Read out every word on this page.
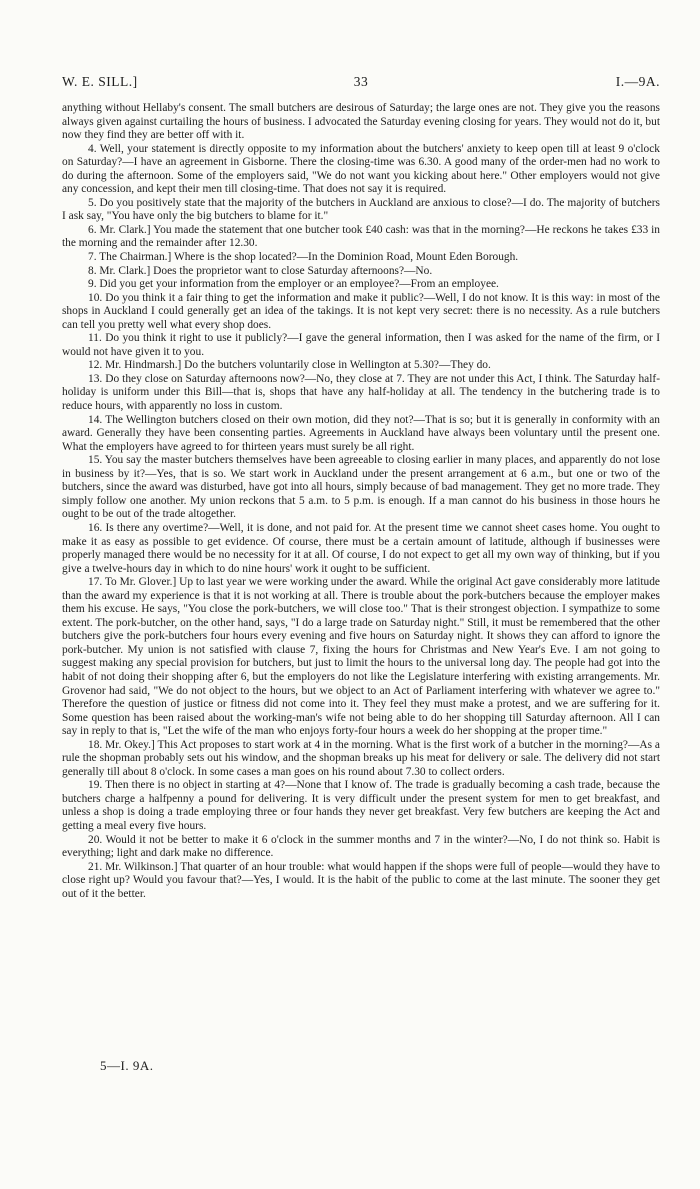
W. E. SILL.]	33	I.—9A.

anything without Hellaby's consent. The small butchers are desirous of Saturday; the large ones are not. They give you the reasons always given against curtailing the hours of business. I advocated the Saturday evening closing for years. They would not do it, but now they find they are better off with it.

4. Well, your statement is directly opposite to my information about the butchers' anxiety to keep open till at least 9 o'clock on Saturday?—I have an agreement in Gisborne. There the closing-time was 6.30. A good many of the order-men had no work to do during the afternoon. Some of the employers said, "We do not want you kicking about here." Other employers would not give any concession, and kept their men till closing-time. That does not say it is required.

5. Do you positively state that the majority of the butchers in Auckland are anxious to close?—I do. The majority of butchers I ask say, "You have only the big butchers to blame for it."

6. Mr. Clark.] You made the statement that one butcher took £40 cash: was that in the morning?—He reckons he takes £33 in the morning and the remainder after 12.30.

7. The Chairman.] Where is the shop located?—In the Dominion Road, Mount Eden Borough.

8. Mr. Clark.] Does the proprietor want to close Saturday afternoons?—No.

9. Did you get your information from the employer or an employee?—From an employee.

10. Do you think it a fair thing to get the information and make it public?—Well, I do not know. It is this way: in most of the shops in Auckland I could generally get an idea of the takings. It is not kept very secret: there is no necessity. As a rule butchers can tell you pretty well what every shop does.

11. Do you think it right to use it publicly?—I gave the general information, then I was asked for the name of the firm, or I would not have given it to you.

12. Mr. Hindmarsh.] Do the butchers voluntarily close in Wellington at 5.30?—They do.

13. Do they close on Saturday afternoons now?—No, they close at 7. They are not under this Act, I think. The Saturday half-holiday is uniform under this Bill—that is, shops that have any half-holiday at all. The tendency in the butchering trade is to reduce hours, with apparently no loss in custom.

14. The Wellington butchers closed on their own motion, did they not?—That is so; but it is generally in conformity with an award. Generally they have been consenting parties. Agreements in Auckland have always been voluntary until the present one. What the employers have agreed to for thirteen years must surely be all right.

15. You say the master butchers themselves have been agreeable to closing earlier in many places, and apparently do not lose in business by it?—Yes, that is so. We start work in Auckland under the present arrangement at 6 a.m., but one or two of the butchers, since the award was disturbed, have got into all hours, simply because of bad management. They get no more trade. They simply follow one another. My union reckons that 5 a.m. to 5 p.m. is enough. If a man cannot do his business in those hours he ought to be out of the trade altogether.

16. Is there any overtime?—Well, it is done, and not paid for. At the present time we cannot sheet cases home. You ought to make it as easy as possible to get evidence. Of course, there must be a certain amount of latitude, although if businesses were properly managed there would be no necessity for it at all. Of course, I do not expect to get all my own way of thinking, but if you give a twelve-hours day in which to do nine hours' work it ought to be sufficient.

17. To Mr. Glover.] Up to last year we were working under the award. While the original Act gave considerably more latitude than the award my experience is that it is not working at all. There is trouble about the pork-butchers because the employer makes them his excuse. He says, "You close the pork-butchers, we will close too." That is their strongest objection. I sympathize to some extent. The pork-butcher, on the other hand, says, "I do a large trade on Saturday night." Still, it must be remembered that the other butchers give the pork-butchers four hours every evening and five hours on Saturday night. It shows they can afford to ignore the pork-butcher. My union is not satisfied with clause 7, fixing the hours for Christmas and New Year's Eve. I am not going to suggest making any special provision for butchers, but just to limit the hours to the universal long day. The people had got into the habit of not doing their shopping after 6, but the employers do not like the Legislature interfering with existing arrangements. Mr. Grovenor had said, "We do not object to the hours, but we object to an Act of Parliament interfering with whatever we agree to." Therefore the question of justice or fitness did not come into it. They feel they must make a protest, and we are suffering for it. Some question has been raised about the working-man's wife not being able to do her shopping till Saturday afternoon. All I can say in reply to that is, "Let the wife of the man who enjoys forty-four hours a week do her shopping at the proper time."

18. Mr. Okey.] This Act proposes to start work at 4 in the morning. What is the first work of a butcher in the morning?—As a rule the shopman probably sets out his window, and the shopman breaks up his meat for delivery or sale. The delivery did not start generally till about 8 o'clock. In some cases a man goes on his round about 7.30 to collect orders.

19. Then there is no object in starting at 4?—None that I know of. The trade is gradually becoming a cash trade, because the butchers charge a halfpenny a pound for delivering. It is very difficult under the present system for men to get breakfast, and unless a shop is doing a trade employing three or four hands they never get breakfast. Very few butchers are keeping the Act and getting a meal every five hours.

20. Would it not be better to make it 6 o'clock in the summer months and 7 in the winter?—No, I do not think so. Habit is everything; light and dark make no difference.

21. Mr. Wilkinson.] That quarter of an hour trouble: what would happen if the shops were full of people—would they have to close right up? Would you favour that?—Yes, I would. It is the habit of the public to come at the last minute. The sooner they get out of it the better.

5—I. 9A.
